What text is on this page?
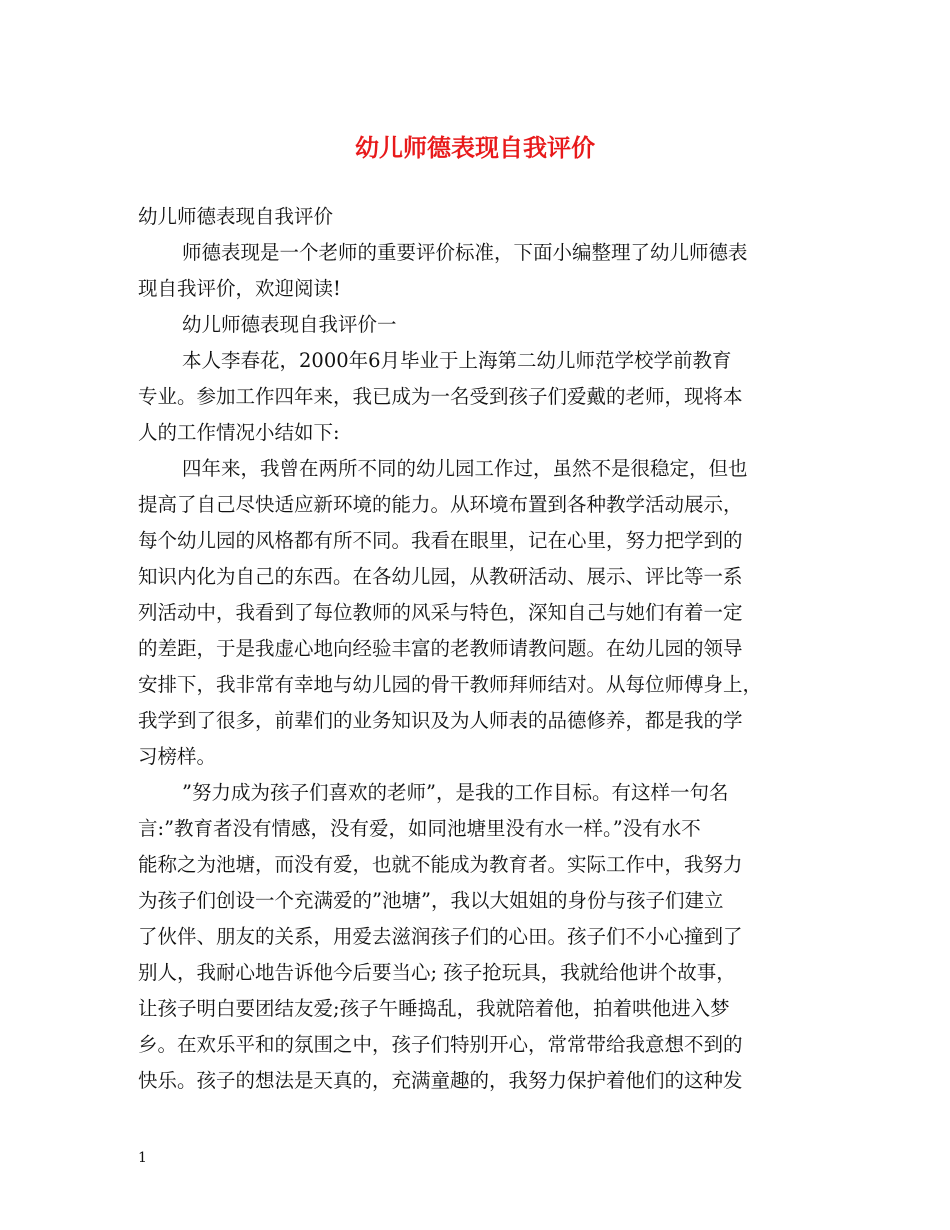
幼儿师德表现自我评价

幼儿师德表现自我评价

师德表现是一个老师的重要评价标准，下面小编整理了幼儿师德表

现自我评价，欢迎阅读!

幼儿师德表现自我评价一

本人李春花，2000年6月毕业于上海第二幼儿师范学校学前教育

专业。参加工作四年来，我已成为一名受到孩子们爱戴的老师，现将本

人的工作情况小结如下:

四年来，我曾在两所不同的幼儿园工作过，虽然不是很稳定，但也

提高了自己尽快适应新环境的能力。从环境布置到各种教学活动展示，

每个幼儿园的风格都有所不同。我看在眼里，记在心里，努力把学到的

知识内化为自己的东西。在各幼儿园，从教研活动、展示、评比等一系

列活动中，我看到了每位教师的风采与特色，深知自己与她们有着一定

的差距，于是我虚心地向经验丰富的老教师请教问题。在幼儿园的领导

安排下，我非常有幸地与幼儿园的骨干教师拜师结对。从每位师傅身上，

我学到了很多，前辈们的业务知识及为人师表的品德修养，都是我的学

习榜样。

”努力成为孩子们喜欢的老师”，是我的工作目标。有这样一句名

言:”教育者没有情感，没有爱，如同池塘里没有水一样。”没有水不

能称之为池塘，而没有爱，也就不能成为教育者。实际工作中，我努力

为孩子们创设一个充满爱的”池塘”，我以大姐姐的身份与孩子们建立

了伙伴、朋友的关系，用爱去滋润孩子们的心田。孩子们不小心撞到了

别人，我耐心地告诉他今后要当心; 孩子抢玩具，我就给他讲个故事，

让孩子明白要团结友爱;孩子午睡捣乱，我就陪着他，拍着哄他进入梦

乡。在欢乐平和的氛围之中，孩子们特别开心，常常带给我意想不到的

快乐。孩子的想法是天真的，充满童趣的，我努力保护着他们的这种发

1
